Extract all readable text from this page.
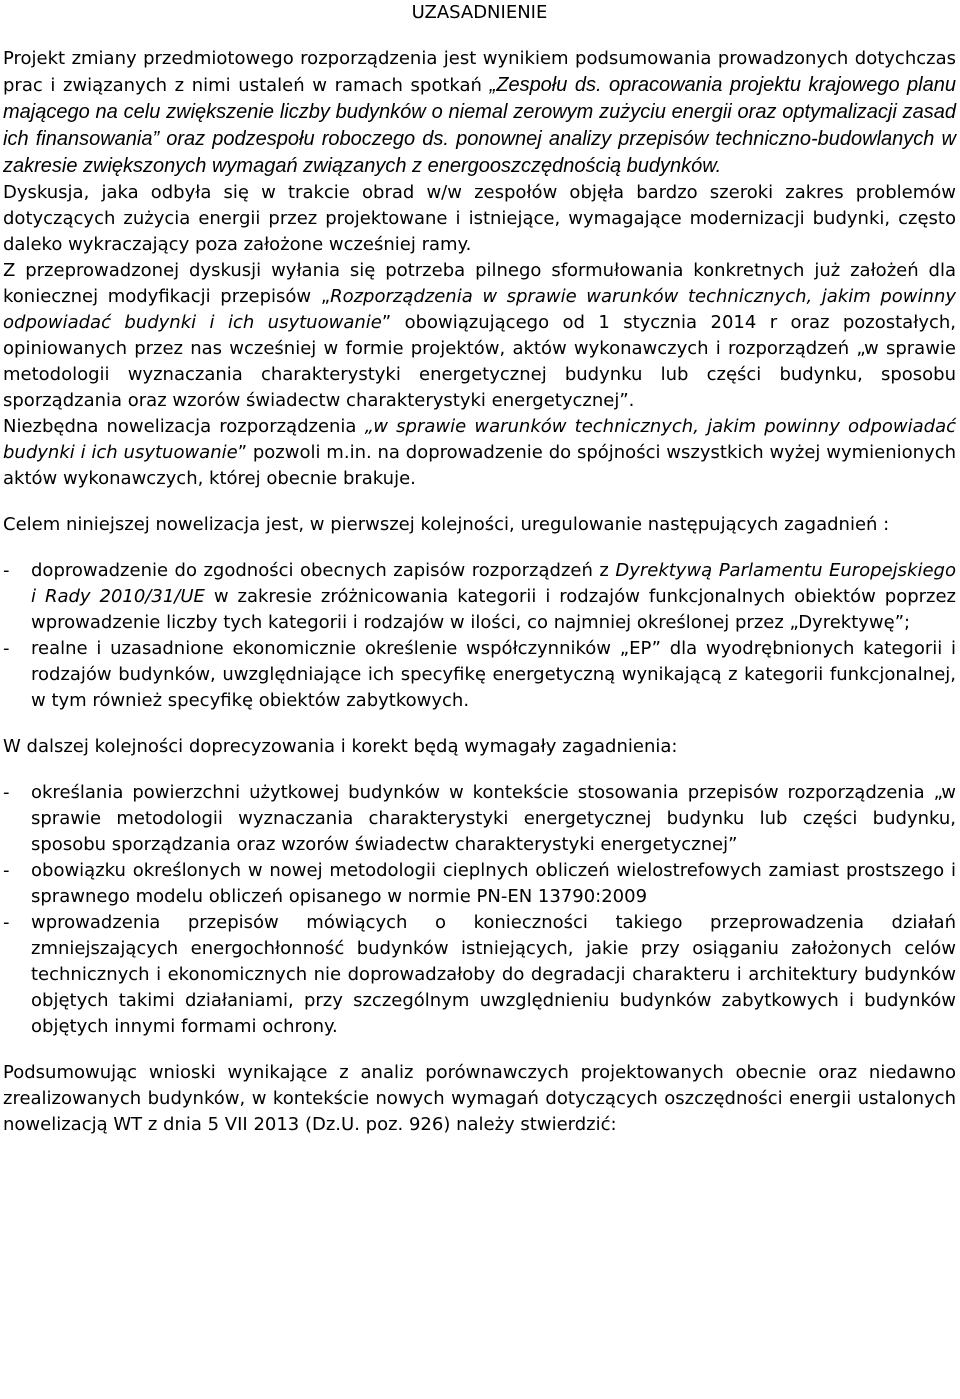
UZASADNIENIE

Projekt zmiany przedmiotowego rozporządzenia jest wynikiem podsumowania prowadzonych dotychczas prac i związanych z nimi ustaleń w ramach spotkań „Zespołu ds. opracowania projektu krajowego planu mającego na celu zwiększenie liczby budynków o niemal zerowym zużyciu energii oraz optymalizacji zasad ich finansowania” oraz podzespołu roboczego ds. ponownej analizy przepisów techniczno-budowlanych w zakresie zwiększonych wymagań związanych z energooszczędnością budynków.

Dyskusja, jaka odbyła się w trakcie obrad w/w zespołów objęła bardzo szeroki zakres problemów dotyczących zużycia energii przez projektowane i istniejące, wymagające modernizacji budynki, często daleko wykraczający poza założone wcześniej ramy.

Z przeprowadzonej dyskusji wyłania się potrzeba pilnego sformułowania konkretnych już założeń dla koniecznej modyfikacji przepisów „Rozporządzenia w sprawie warunków technicznych, jakim powinny odpowiadać budynki i ich usytuowanie” obowiązującego od 1 stycznia 2014 r oraz pozostałych, opiniowanych przez nas wcześniej w formie projektów, aktów wykonawczych i rozporządzeń „w sprawie metodologii wyznaczania charakterystyki energetycznej budynku lub części budynku, sposobu sporządzania oraz wzorów świadectw charakterystyki energetycznej”.

Niezbędna nowelizacja rozporządzenia „w sprawie warunków technicznych, jakim powinny odpowiadać budynki i ich usytuowanie” pozwoli m.in. na doprowadzenie do spójności wszystkich wyżej wymienionych aktów wykonawczych, której obecnie brakuje.

Celem niniejszej nowelizacja jest, w pierwszej kolejności, uregulowanie następujących zagadnień :

- doprowadzenie do zgodności obecnych zapisów rozporządzeń z Dyrektywą Parlamentu Europejskiego i Rady 2010/31/UE w zakresie zróżnicowania kategorii i rodzajów funkcjonalnych obiektów poprzez wprowadzenie liczby tych kategorii i rodzajów w ilości, co najmniej określonej przez „Dyrektywę”;
- realne i uzasadnione ekonomicznie określenie współczynników „EP” dla wyodrębnionych kategorii i rodzajów budynków, uwzględniające ich specyfikę energetyczną wynikającą z kategorii funkcjonalnej, w tym również specyfikę obiektów zabytkowych.

W dalszej kolejności doprecyzowania i korekt będą wymagały zagadnienia:

- określania powierzchni użytkowej budynków w kontekście stosowania przepisów rozporządzenia „w sprawie metodologii wyznaczania charakterystyki energetycznej budynku lub części budynku, sposobu sporządzania oraz wzorów świadectw charakterystyki energetycznej”
- obowiązku określonych w nowej metodologii cieplnych obliczeń wielostrefowych zamiast prostszego i sprawnego modelu obliczeń opisanego w normie PN-EN 13790:2009
- wprowadzenia przepisów mówiących o konieczności takiego przeprowadzenia działań zmniejszających energochłonność budynków istniejących, jakie przy osiąganiu założonych celów technicznych i ekonomicznych nie doprowadzałoby do degradacji charakteru i architektury budynków objętych takimi działaniami, przy szczególnym uwzględnieniu budynków zabytkowych i budynków objętych innymi formami ochrony.

Podsumowując wnioski wynikające z analiz porównawczych projektowanych obecnie oraz niedawno zrealizowanych budynków, w kontekście nowych wymagań dotyczących oszczędności energii ustalonych nowelizacją WT z dnia 5 VII 2013 (Dz.U. poz. 926) należy stwierdzić:
